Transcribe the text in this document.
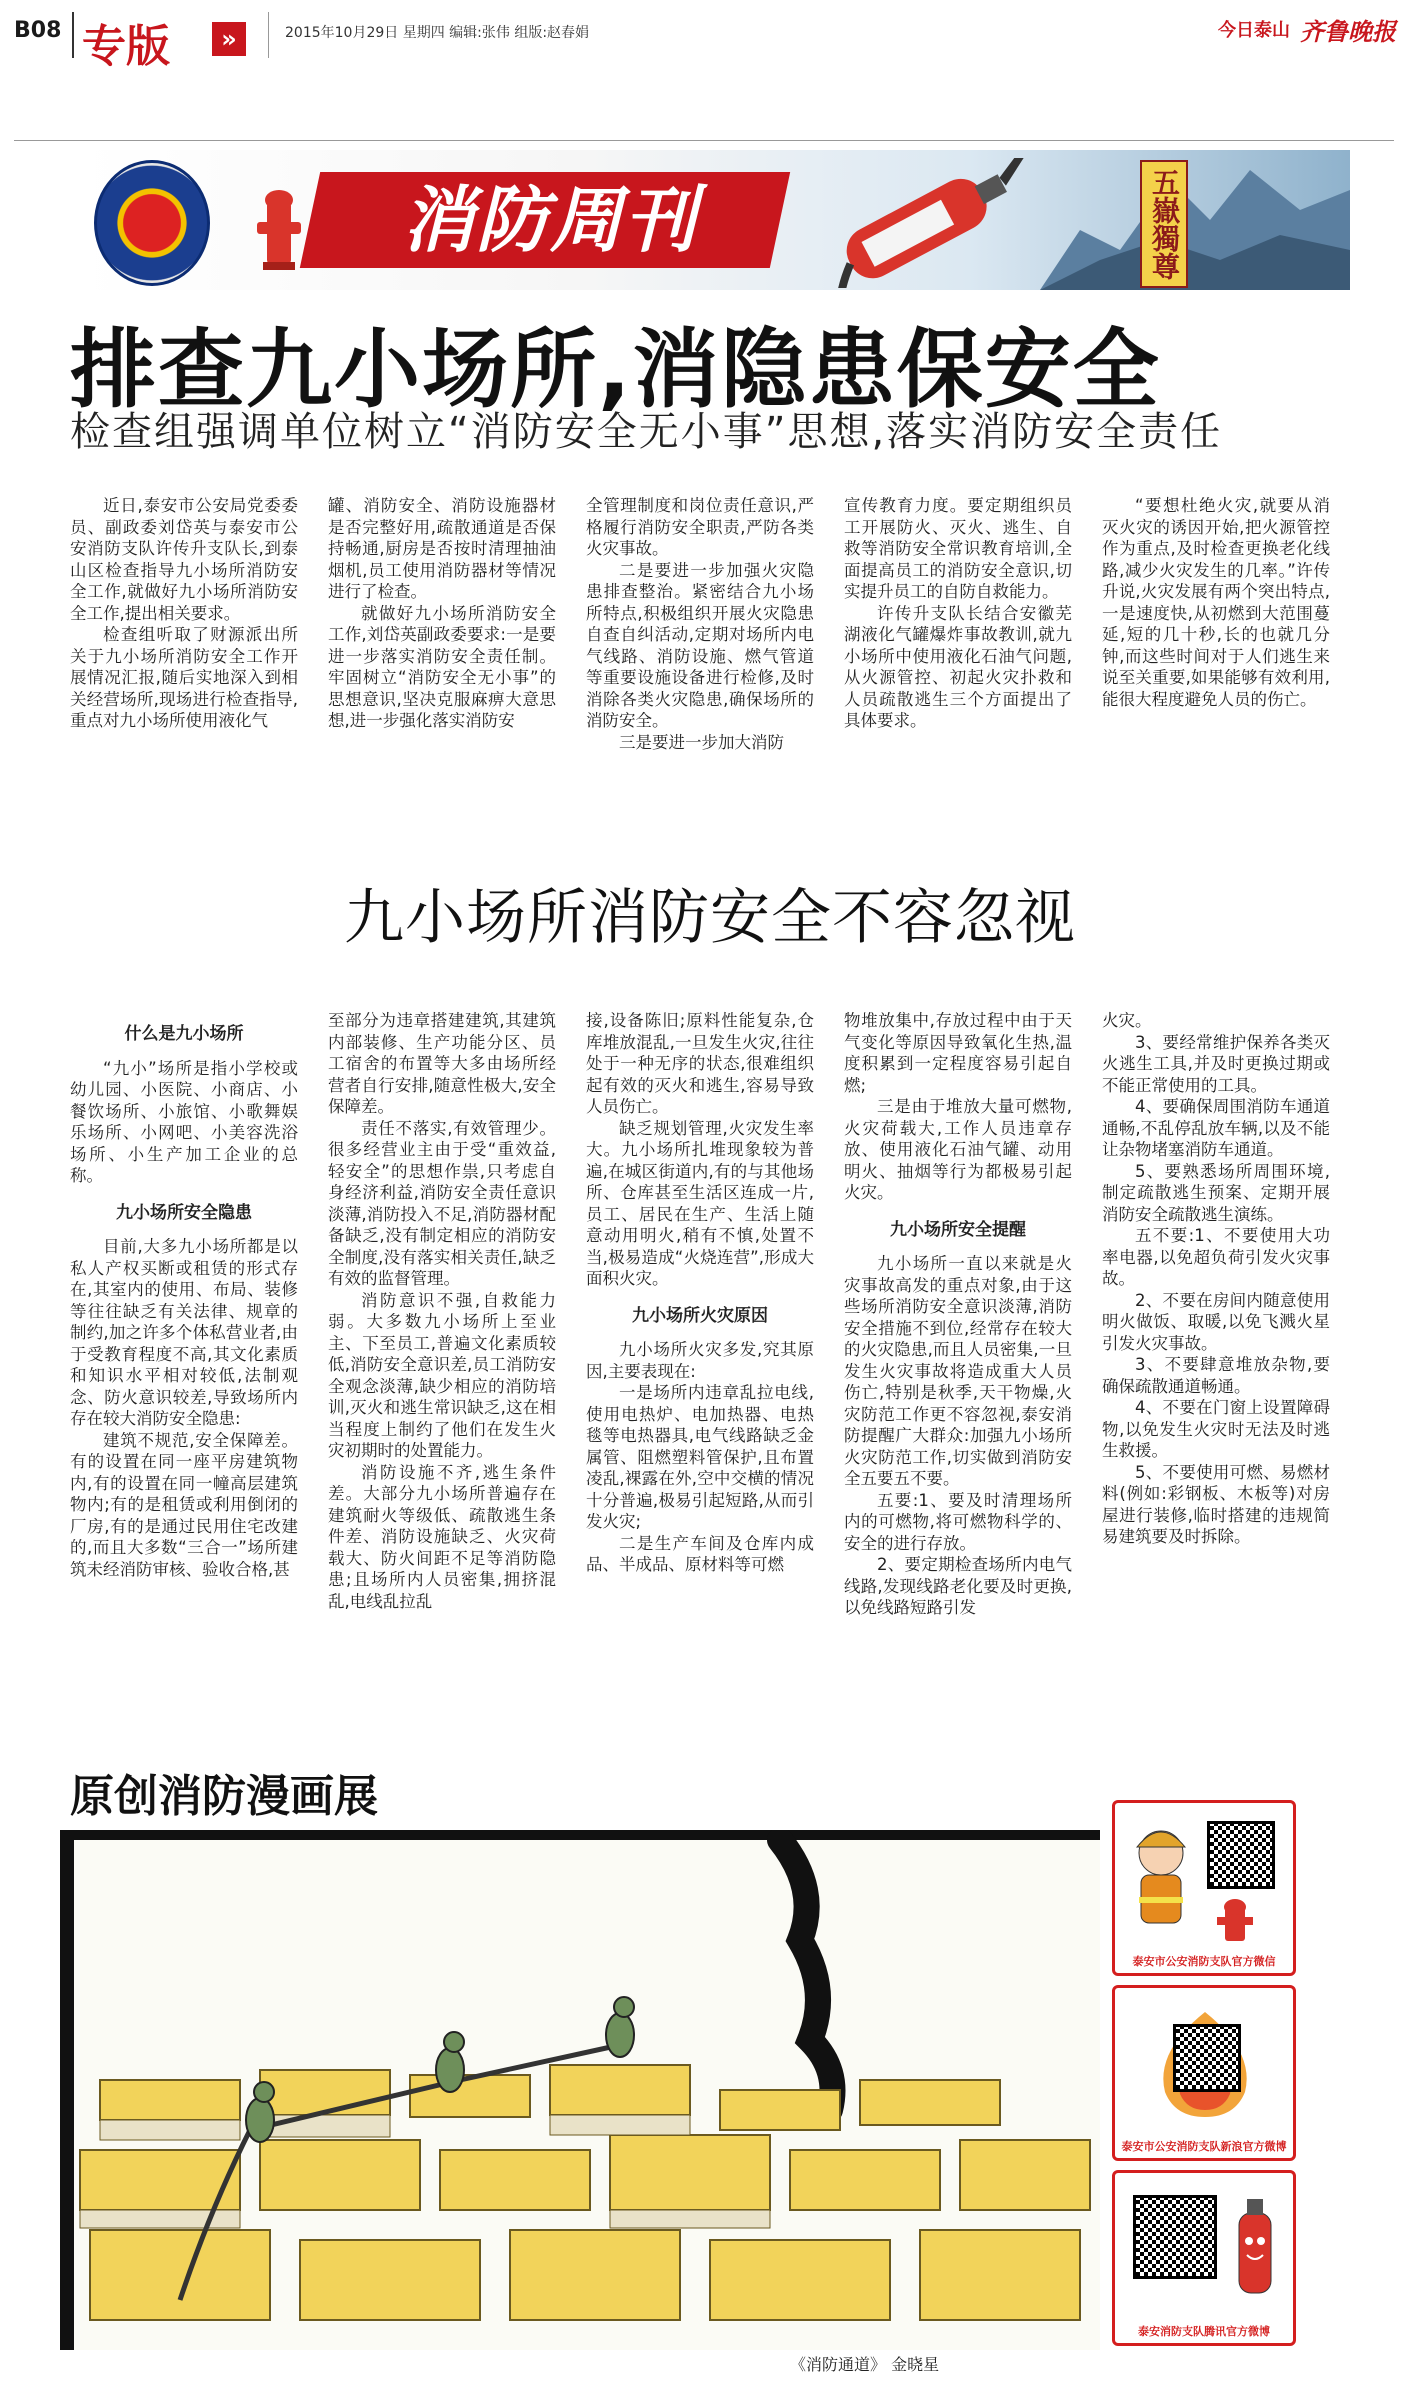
B08 专版	»	2015年10月29日 星期四 编辑:张伟 组版:赵春娟	今日泰山 齐鲁晚报
消防周刊	五嶽獨尊
排查九小场所,消隐患保安全
检查组强调单位树立“消防安全无小事”思想,落实消防安全责任

近日,泰安市公安局党委委员、副政委刘岱英与泰安市公安消防支队许传升支队长,到泰山区检查指导九小场所消防安全工作,就做好九小场所消防安全工作,提出相关要求。

检查组听取了财源派出所关于九小场所消防安全工作开展情况汇报,随后实地深入到相关经营场所,现场进行检查指导,重点对九小场所使用液化气

罐、消防安全、消防设施器材是否完整好用,疏散通道是否保持畅通,厨房是否按时清理抽油烟机,员工使用消防器材等情况进行了检查。

就做好九小场所消防安全工作,刘岱英副政委要求:一是要进一步落实消防安全责任制。牢固树立“消防安全无小事”的思想意识,坚决克服麻痹大意思想,进一步强化落实消防安

全管理制度和岗位责任意识,严格履行消防安全职责,严防各类火灾事故。

二是要进一步加强火灾隐患排查整治。紧密结合九小场所特点,积极组织开展火灾隐患自查自纠活动,定期对场所内电气线路、消防设施、燃气管道等重要设施设备进行检修,及时消除各类火灾隐患,确保场所的消防安全。

三是要进一步加大消防

宣传教育力度。要定期组织员工开展防火、灭火、逃生、自救等消防安全常识教育培训,全面提高员工的消防安全意识,切实提升员工的自防自救能力。

许传升支队长结合安徽芜湖液化气罐爆炸事故教训,就九小场所中使用液化石油气问题,从火源管控、初起火灾扑救和人员疏散逃生三个方面提出了具体要求。

“要想杜绝火灾,就要从消灭火灾的诱因开始,把火源管控作为重点,及时检查更换老化线路,减少火灾发生的几率。”许传升说,火灾发展有两个突出特点,一是速度快,从初燃到大范围蔓延,短的几十秒,长的也就几分钟,而这些时间对于人们逃生来说至关重要,如果能够有效利用,能很大程度避免人员的伤亡。

九小场所消防安全不容忽视

什么是九小场所

“九小”场所是指小学校或幼儿园、小医院、小商店、小餐饮场所、小旅馆、小歌舞娱乐场所、小网吧、小美容洗浴场所、小生产加工企业的总称。

九小场所安全隐患

目前,大多九小场所都是以私人产权买断或租赁的形式存在,其室内的使用、布局、装修等往往缺乏有关法律、规章的制约,加之许多个体私营业者,由于受教育程度不高,其文化素质和知识水平相对较低,法制观念、防火意识较差,导致场所内存在较大消防安全隐患:

建筑不规范,安全保障差。有的设置在同一座平房建筑物内,有的设置在同一幢高层建筑物内;有的是租赁或利用倒闭的厂房,有的是通过民用住宅改建的,而且大多数“三合一”场所建筑未经消防审核、验收合格,甚

至部分为违章搭建建筑,其建筑内部装修、生产功能分区、员工宿舍的布置等大多由场所经营者自行安排,随意性极大,安全保障差。

责任不落实,有效管理少。很多经营业主由于受“重效益,轻安全”的思想作祟,只考虑自身经济利益,消防安全责任意识淡薄,消防投入不足,消防器材配备缺乏,没有制定相应的消防安全制度,没有落实相关责任,缺乏有效的监督管理。

消防意识不强,自救能力弱。大多数九小场所上至业主、下至员工,普遍文化素质较低,消防安全意识差,员工消防安全观念淡薄,缺少相应的消防培训,灭火和逃生常识缺乏,这在相当程度上制约了他们在发生火灾初期时的处置能力。

消防设施不齐,逃生条件差。大部分九小场所普遍存在建筑耐火等级低、疏散逃生条件差、消防设施缺乏、火灾荷载大、防火间距不足等消防隐患;且场所内人员密集,拥挤混乱,电线乱拉乱

接,设备陈旧;原料性能复杂,仓库堆放混乱,一旦发生火灾,往往处于一种无序的状态,很难组织起有效的灭火和逃生,容易导致人员伤亡。

缺乏规划管理,火灾发生率大。九小场所扎堆现象较为普遍,在城区街道内,有的与其他场所、仓库甚至生活区连成一片,员工、居民在生产、生活上随意动用明火,稍有不慎,处置不当,极易造成“火烧连营”,形成大面积火灾。

九小场所火灾原因

九小场所火灾多发,究其原因,主要表现在:

一是场所内违章乱拉电线,使用电热炉、电加热器、电热毯等电热器具,电气线路缺乏金属管、阻燃塑料管保护,且布置凌乱,裸露在外,空中交横的情况十分普遍,极易引起短路,从而引发火灾;

二是生产车间及仓库内成品、半成品、原材料等可燃

物堆放集中,存放过程中由于天气变化等原因导致氧化生热,温度积累到一定程度容易引起自燃;

三是由于堆放大量可燃物,火灾荷载大,工作人员违章存放、使用液化石油气罐、动用明火、抽烟等行为都极易引起火灾。

九小场所安全提醒

九小场所一直以来就是火灾事故高发的重点对象,由于这些场所消防安全意识淡薄,消防安全措施不到位,经常存在较大的火灾隐患,而且人员密集,一旦发生火灾事故将造成重大人员伤亡,特别是秋季,天干物燥,火灾防范工作更不容忽视,泰安消防提醒广大群众:加强九小场所火灾防范工作,切实做到消防安全五要五不要。

五要:1、要及时清理场所内的可燃物,将可燃物科学的、安全的进行存放。

2、要定期检查场所内电气线路,发现线路老化要及时更换,以免线路短路引发

火灾。

3、要经常维护保养各类灭火逃生工具,并及时更换过期或不能正常使用的工具。

4、要确保周围消防车通道通畅,不乱停乱放车辆,以及不能让杂物堵塞消防车通道。

5、要熟悉场所周围环境,制定疏散逃生预案、定期开展消防安全疏散逃生演练。

五不要:1、不要使用大功率电器,以免超负荷引发火灾事故。

2、不要在房间内随意使用明火做饭、取暖,以免飞溅火星引发火灾事故。

3、不要肆意堆放杂物,要确保疏散通道畅通。

4、不要在门窗上设置障碍物,以免发生火灾时无法及时逃生救援。

5、不要使用可燃、易燃材料(例如:彩钢板、木板等)对房屋进行装修,临时搭建的违规简易建筑要及时拆除。

原创消防漫画展
《消防通道》 金晓星
泰安市公安消防支队官方微信
泰安市公安消防支队新浪官方微博
泰安消防支队腾讯官方微博
